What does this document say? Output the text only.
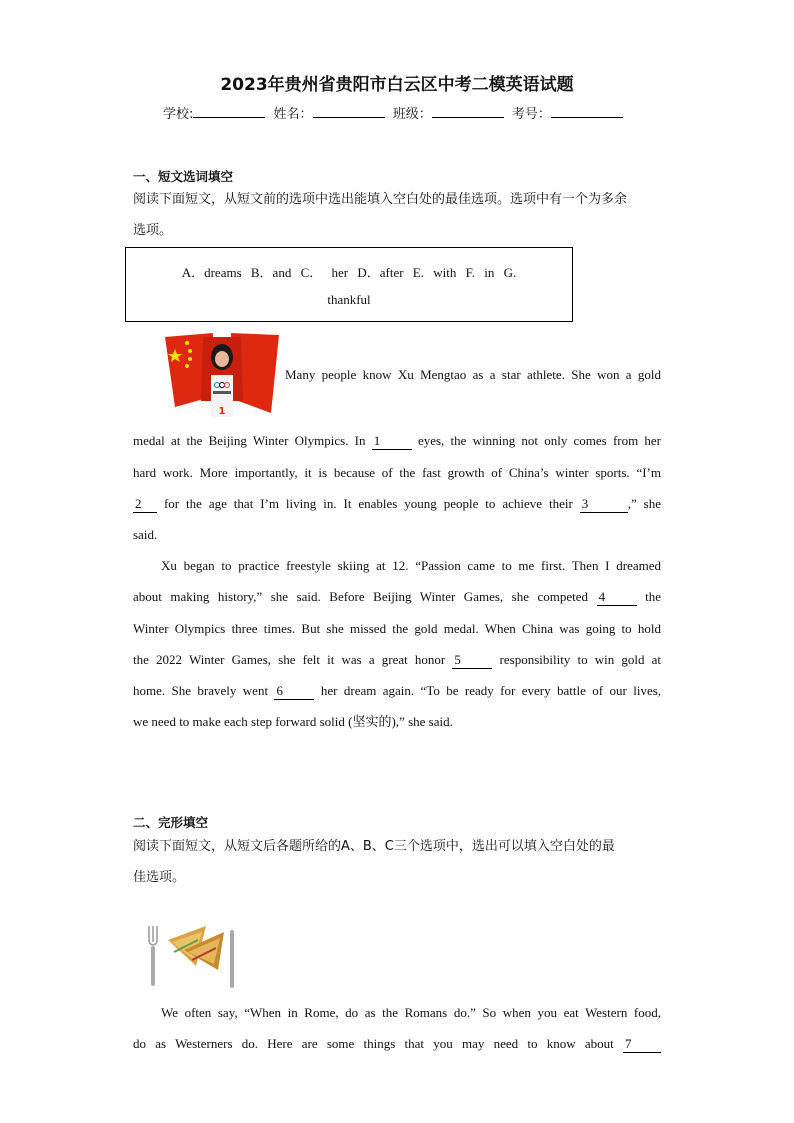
2023年贵州省贵阳市白云区中考二模英语试题
学校:	姓名：	班级：	考号：
一、短文选词填空
阅读下面短文，从短文前的选项中选出能填入空白处的最佳选项。选项中有一个为多余
选项。
A．dreams B．and C． her D．after E. with F. in G.
thankful
1
Many people know Xu Mengtao as a star athlete. She won a gold
medal at the Beijing Winter Olympics. In 1	eyes, the winning not only comes from her
hard work. More importantly, it is because of the fast growth of China’s winter sports. “I’m
2 for the age that I’m living in. It enables young people to achieve their 3	,” she
said.
Xu began to practice freestyle skiing at 12. “Passion came to me first. Then I dreamed
about making history,” she said. Before Beijing Winter Games, she competed 4	the
Winter Olympics three times. But she missed the gold medal. When China was going to hold
the 2022 Winter Games, she felt it was a great honor 5	responsibility to win gold at
home. She bravely went 6	her dream again. “To be ready for every battle of our lives,
we need to make each step forward solid (坚实的),” she said.
二、完形填空
阅读下面短文，从短文后各题所给的A、B、C三个选项中，选出可以填入空白处的最
佳选项。
We often say, “When in Rome, do as the Romans do.” So when you eat Western food,
do as Westerners do. Here are some things that you may need to know about 7
